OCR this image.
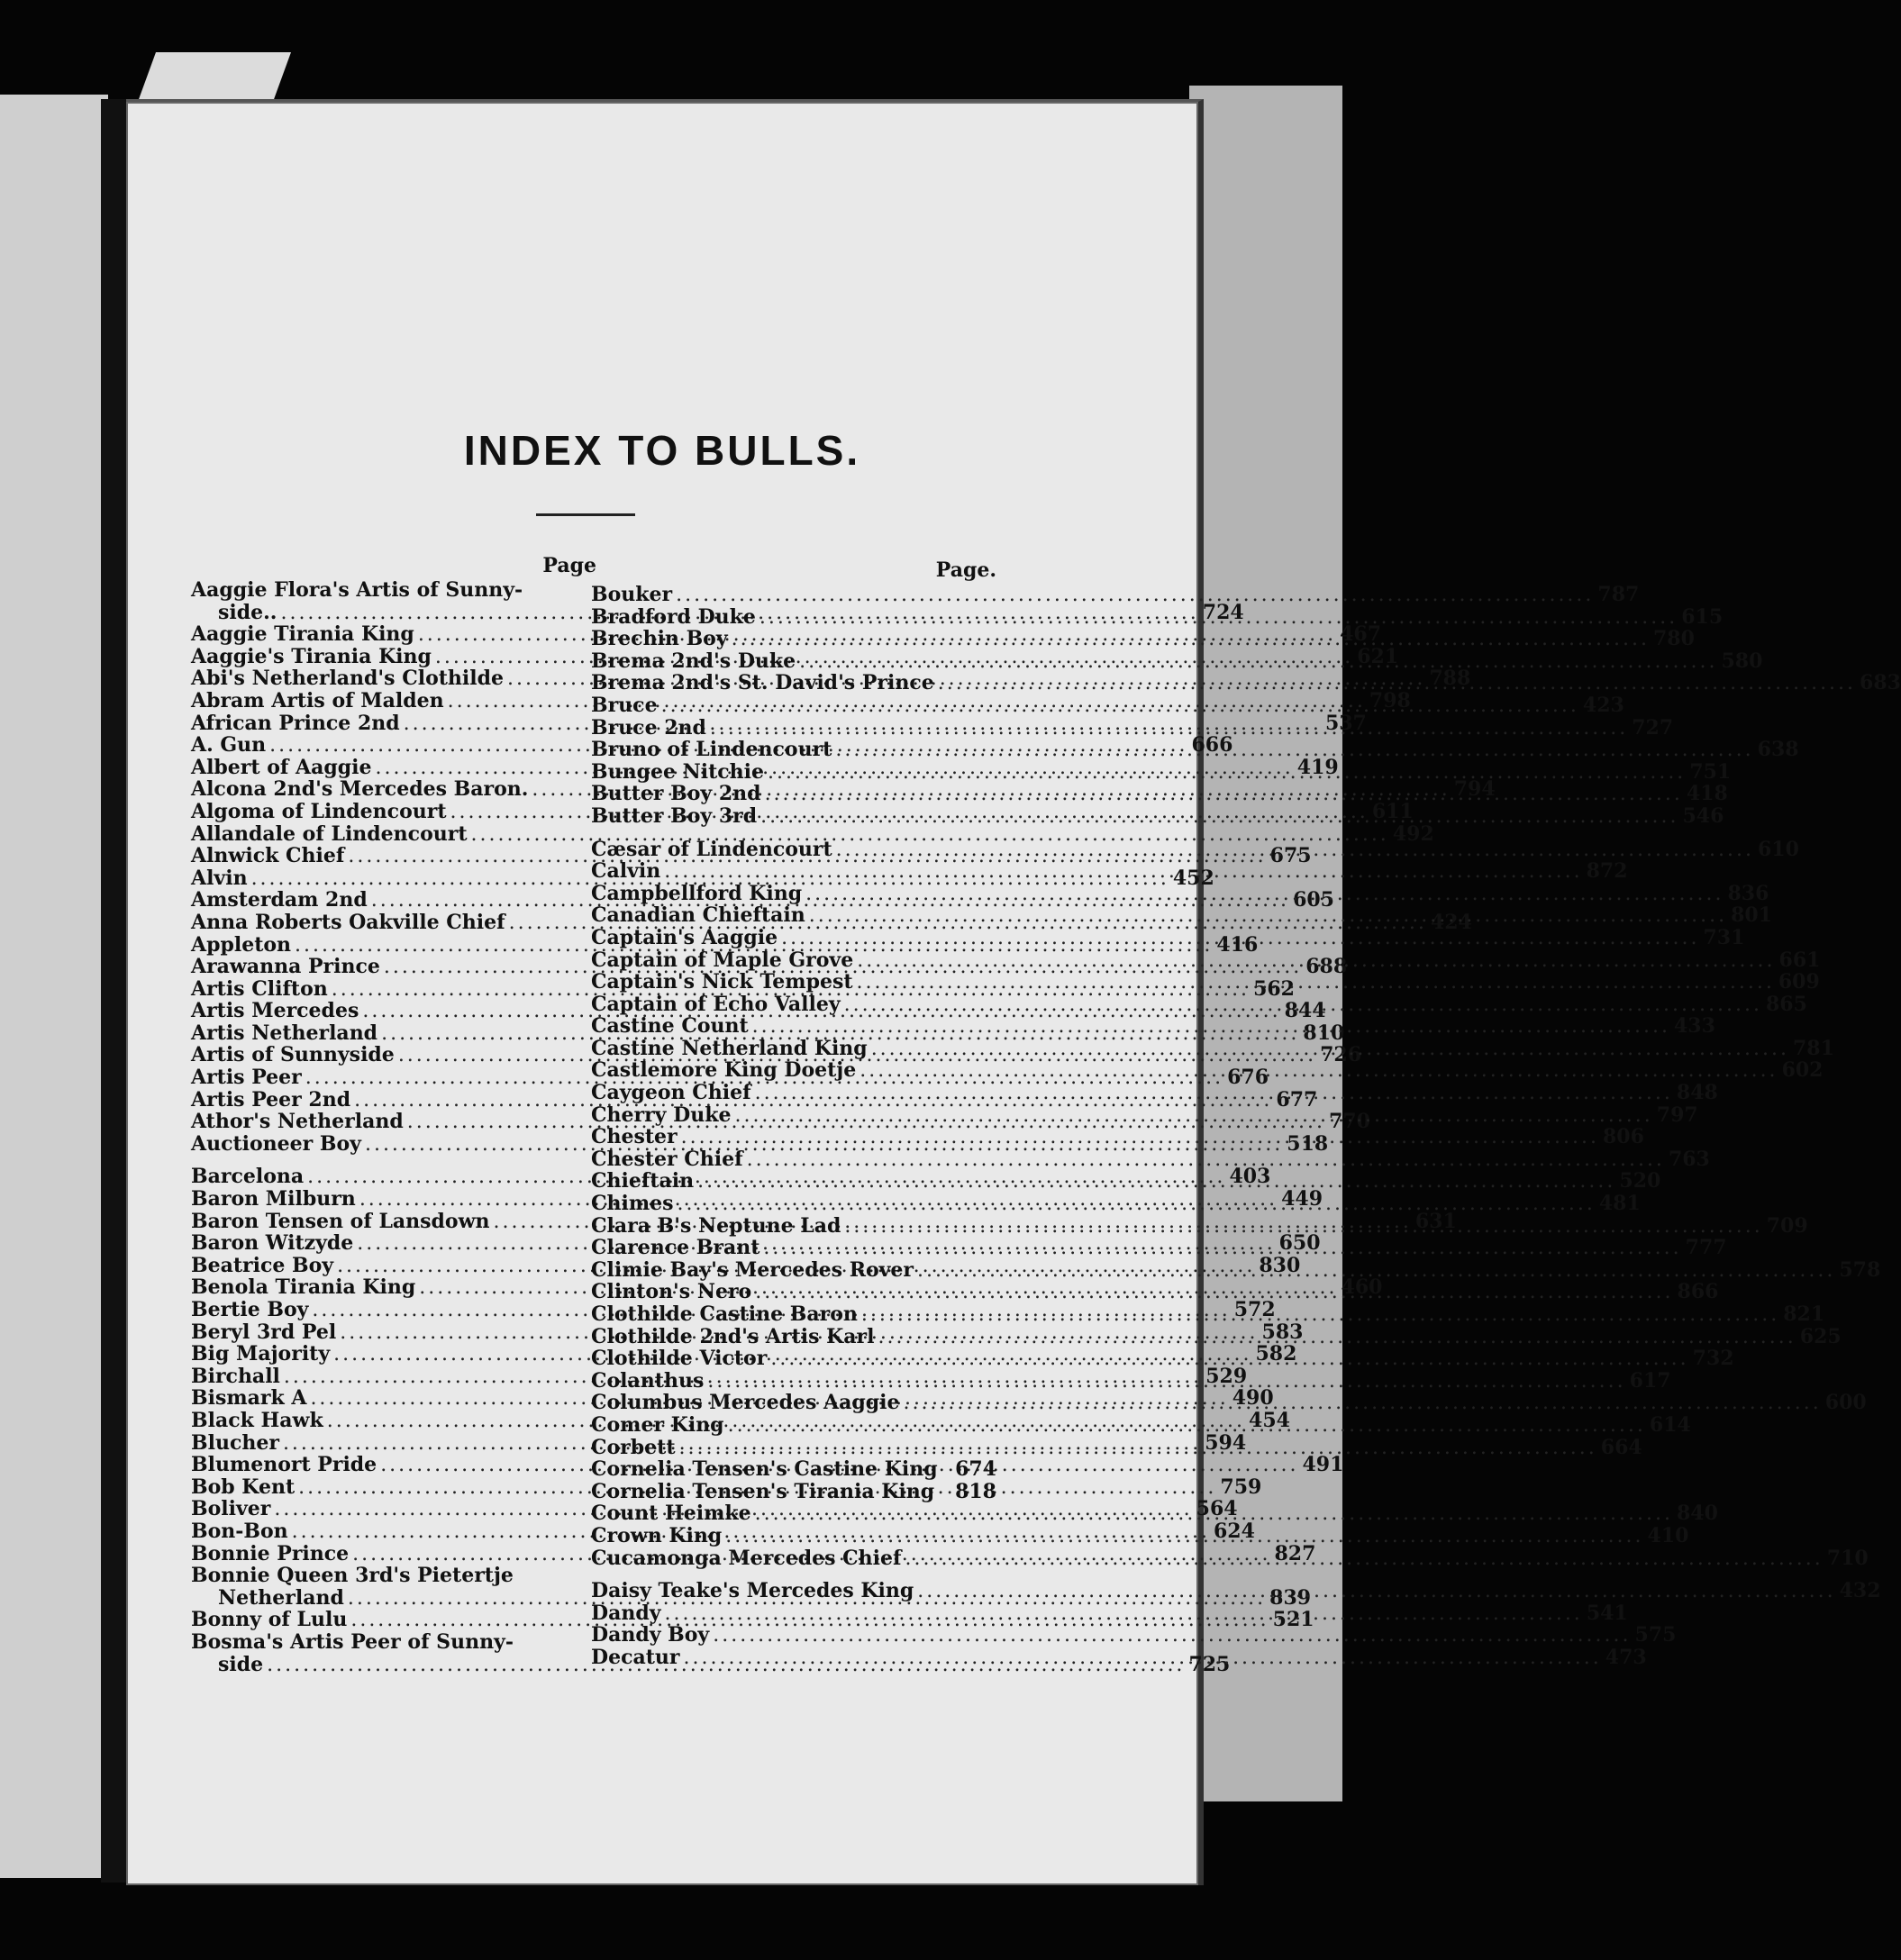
INDEX TO BULLS.
Page
Aaggie Flora's Artis of Sunny-
side.. .....	724
Aaggie Tirania King .....	467
Aaggie's Tirania King .....	621
Abi's Netherland's Clothilde .....	788
Abram Artis of Malden .....	798
African Prince 2nd .....	537
A. Gun .....	666
Albert of Aaggie .....	419
Alcona 2nd's Mercedes Baron. .....	794
Algoma of Lindencourt .....	611
Allandale of Lindencourt .....	492
Alnwick Chief .....	675
Alvin .....	452
Amsterdam 2nd .....	605
Anna Roberts Oakville Chief .....	424
Appleton .....	416
Arawanna Prince .....	688
Artis Clifton .....	562
Artis Mercedes .....	844
Artis Netherland .....	810
Artis of Sunnyside .....	726
Artis Peer .....	676
Artis Peer 2nd .....	677
Athor's Netherland .....	770
Auctioneer Boy .....	518
Barcelona .....	403
Baron Milburn .....	449
Baron Tensen of Lansdown .....	631
Baron Witzyde .....	650
Beatrice Boy .....	830
Benola Tirania King .....	460
Bertie Boy .....	572
Beryl 3rd Pel .....	583
Big Majority .....	582
Birchall .....	529
Bismark A .....	490
Black Hawk .....	454
Blucher .....	594
Blumenort Pride .....	491
Bob Kent .....	759
Boliver .....	564
Bon-Bon .....	624
Bonnie Prince .....	827
Bonnie Queen 3rd's Pietertje
Netherland .....	839
Bonny of Lulu .....	521
Bosma's Artis Peer of Sunny-
side .....	725
Page.
Bouker .....	787
Bradford Duke .....	615
Brechin Boy .....	780
Brema 2nd's Duke .....	580
Brema 2nd's St. David's Prince .....	683
Bruce .....	423
Bruce 2nd .....	727
Bruno of Lindencourt .....	638
Bungee Nitchie .....	751
Butter Boy 2nd .....	418
Butter Boy 3rd .....	546
Cæsar of Lindencourt .....	610
Calvin .....	872
Campbellford King .....	836
Canadian Chieftain .....	801
Captain's Aaggie .....	731
Captain of Maple Grove .....	661
Captain's Nick Tempest .....	609
Captain of Echo Valley .....	865
Castine Count .....	433
Castine Netherland King .....	781
Castlemore King Doetje .....	602
Caygeon Chief .....	848
Cherry Duke .....	797
Chester .....	806
Chester Chief .....	763
Chieftain .....	520
Chimes .....	481
Clara B's Neptune Lad .....	709
Clarence Brant .....	777
Climie Bay's Mercedes Rover .....	578
Clinton's Nero .....	866
Clothilde Castine Baron .....	821
Clothilde 2nd's Artis Karl .....	625
Clothilde Victor .....	732
Colanthus .....	617
Columbus Mercedes Aaggie .....	600
Comer King .....	614
Corbett .....	664
Cornelia Tensen's Castine King 674
Cornelia Tensen's Tirania King 818
Count Heimke .....	840
Crown King .....	410
Cucamonga Mercedes Chief .....	710
Daisy Teake's Mercedes King .....	432
Dandy .....	541
Dandy Boy .....	575
Decatur .....	473
